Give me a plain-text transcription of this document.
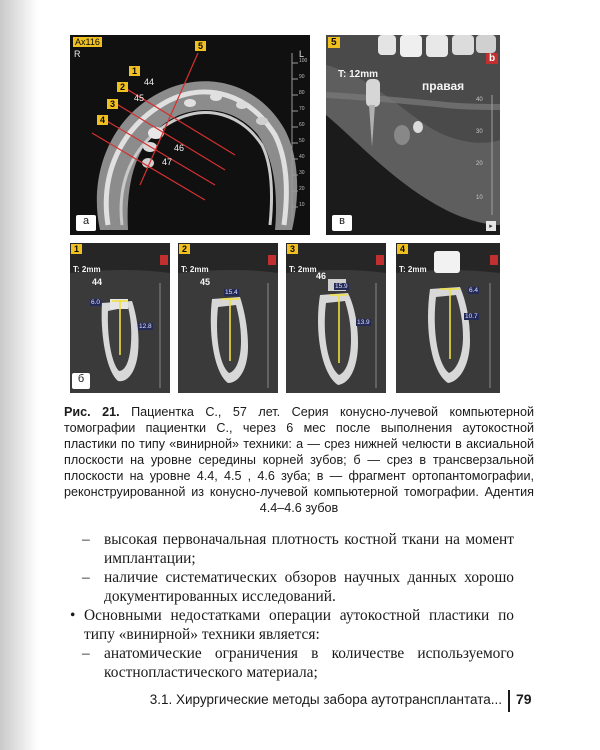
Ax116
R	L
5
1
2
3
4
44
45
46
47
100
90
80
70
60
50
40
30
20
10
а
5
b
T: 12mm
правая
40
30
20
10
в	▸
1
T: 2mm
44
6.0
12.8
б
2
T: 2mm
45
15.4
3
T: 2mm
46
15.9
13.9
4
T: 2mm
6.4
10.7
Рис. 21. Пациентка С., 57 лет. Серия конусно-лучевой компьютерной томографии пациентки С., через 6 мес после выполнения аутокостной пластики по типу «винирной» техники: а — срез нижней челюсти в аксиальной плоскости на уровне середины корней зубов; б — срез в трансверзальной плоскости на уровне 4.4, 4.5 , 4.6 зуба; в — фрагмент ортопантомографии, реконструированной из конусно-лучевой компьютерной томографии. Адентия 4.4–4.6 зубов
– высокая первоначальная плотность костной ткани на момент имплантации;
– наличие систематических обзоров научных данных хорошо документированных исследований.
• Основными недостатками операции аутокостной пластики по типу «винирной» техники является:
– анатомические ограничения в количестве используемого костнопластического материала;
3.1. Хирургические методы забора аутотрансплантата... 79
